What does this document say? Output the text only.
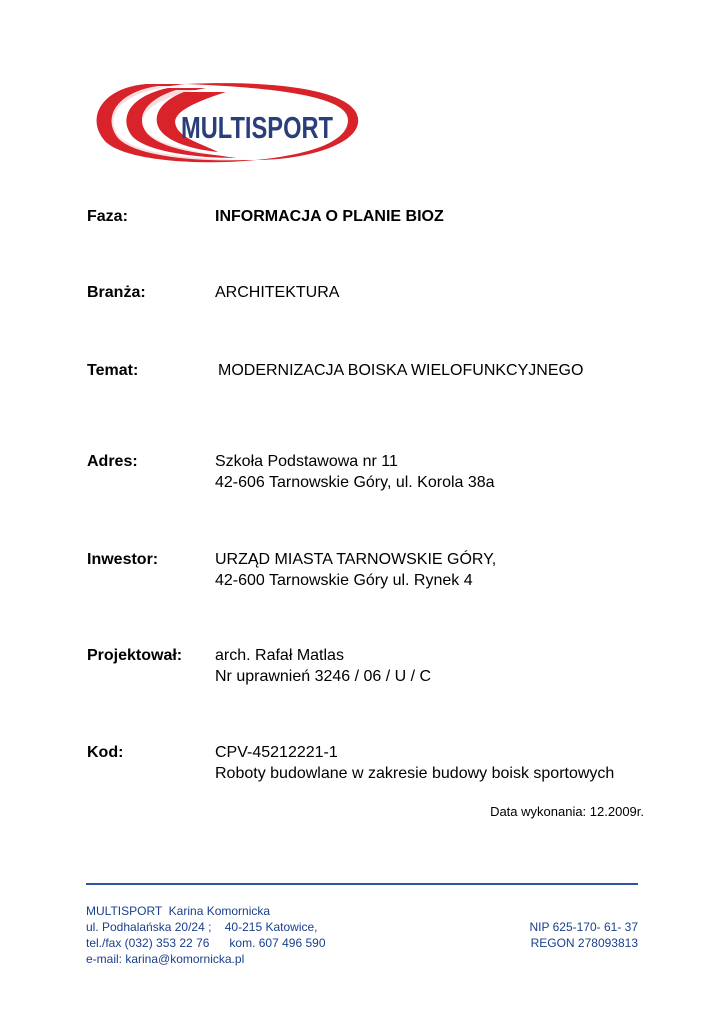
MULTISPORT
Faza:	INFORMACJA O PLANIE BIOZ
Branża:	ARCHITEKTURA
Temat:	MODERNIZACJA BOISKA WIELOFUNKCYJNEGO
Adres:	Szkoła Podstawowa nr 11
42-606 Tarnowskie Góry, ul. Korola 38a
Inwestor:	URZĄD MIASTA TARNOWSKIE GÓRY,
42-600 Tarnowskie Góry ul. Rynek 4
Projektował: arch. Rafał Matlas
Nr uprawnień 3246 / 06 / U / C
Kod:	CPV-45212221-1
Roboty budowlane w zakresie budowy boisk sportowych
Data wykonania: 12.2009r.
MULTISPORT  Karina Komornicka
ul. Podhalańska 20/24 ;    40-215 Katowice,	NIP 625-170- 61- 37
tel./fax (032) 353 22 76      kom. 607 496 590	REGON 278093813
e-mail: karina@komornicka.pl
